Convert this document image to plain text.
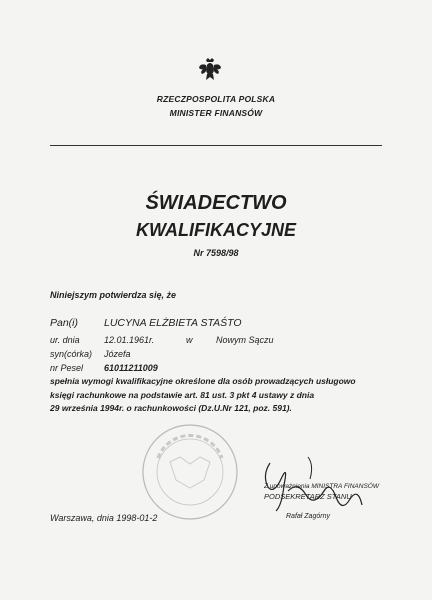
RZECZPOSPOLITA POLSKA
MINISTER FINANSÓW
ŚWIADECTWO
KWALIFIKACYJNE
Nr 7598/98
Niniejszym potwierdza się, że
Pan(i) LUCYNA ELŻBIETA STAŚTO
ur. dnia	12.01.1961r.	w	Nowym Sączu
syn(córka) Józefa
nr Pesel 61011211009
spełnia wymogi kwalifikacyjne określone dla osób prowadzących usługowo
księgi rachunkowe na podstawie art. 81 ust. 3 pkt 4 ustawy z dnia
29 września 1994r. o rachunkowości (Dz.U.Nr 121, poz. 591).
Z upoważnienia MINISTRA FINANSÓW
PODSEKRETARZ STANU
Rafał Zagórny
Warszawa, dnia 1998-01-2
